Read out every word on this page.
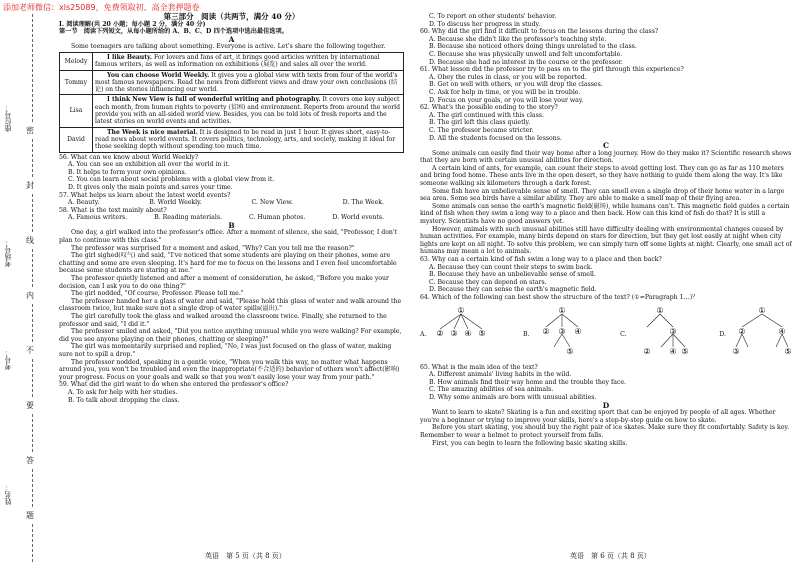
添加老师微信：xls25089，免费领取初、高全套押题卷
密
封
线
内
不
要
答
题
姓名：
考号：
考场号：
座位号：

第三部分　阅读（共两节，满分 40 分）

Ⅰ. 阅读理解(共 20 小题；每小题 2 分，满分 40 分)

第一节　阅读下列短文，从每小题所给的 A、B、C、D 四个选项中选出最佳选项。

A

Some teenagers are talking about something. Everyone is active. Let's share the following together.

Melody	I like Beauty. For lovers and fans of art, it brings good articles written by international famous writers, as well as information on exhibitions (展览) and sales all over the world.
Tommy	You can choose World Weekly. It gives you a global view with texts from four of the world's most famous newspapers. Read the news from different views and draw your own conclusions (结论) on the stories influencing our world.
Lisa	I think New View is full of wonderful writing and photography. It covers one key subject each month, from human rights to poverty (贫困) and environment. Reports from around the world provide you with an all-sided world view. Besides, you can be told lots of fresh reports and the latest stories on world events and activities.
David	The Week is nice material. It is designed to be read in just 1 hour. It gives short, easy-to-read news about world events. It covers politics, technology, arts, and society, making it ideal for those seeking depth without spending too much time.

56. What can we know about World Weekly?

A. You can see an exhibition all over the world in it.

B. It helps to form your own opinions.

C. You can learn about social problems with a global view from it.

D. It gives only the main points and saves your time.

57. What helps us learn about the latest world events?

A. Beauty.	B. World Weekly.	C. New View.	D. The Week.

58. What is the text mainly about?

A. Famous writers.	B. Reading materials.	C. Human photos.	D. World events.

B

One day, a girl walked into the professor's office. After a moment of silence, she said, "Professor, I don't plan to continue with this class."

The professor was surprised for a moment and asked, "Why? Can you tell me the reason?"

The girl sighed(叹气) and said, "I've noticed that some students are playing on their phones, some are chatting and some are even sleeping. It's hard for me to focus on the lessons and I even feel uncomfortable because some students are staring at me."

The professor quietly listened and after a moment of consideration, he asked, "Before you make your decision, can I ask you to do one thing?"

The girl nodded, "Of course, Professor. Please tell me."

The professor handed her a glass of water and said, "Please hold this glass of water and walk around the classroom twice, but make sure not a single drop of water spills(溢出)."

The girl carefully took the glass and walked around the classroom twice. Finally, she returned to the professor and said, "I did it."

The professor smiled and asked, "Did you notice anything unusual while you were walking? For example, did you see anyone playing on their phones, chatting or sleeping?"

The girl was momentarily surprised and replied, "No, I was just focused on the glass of water, making sure not to spill a drop."

The professor nodded, speaking in a gentle voice, "When you walk this way, no matter what happens around you, you won't be troubled and even the inappropriate(不合适的) behavior of others won't affect(影响) your progress. Focus on your goals and walk so that you won't easily lose your way from your path."

59. What did the girl want to do when she entered the professor's office?

A. To ask for help with her studies.

B. To talk about dropping the class.

英语　第 5 页（共 8 页）

C. To report on other students' behavior.

D. To discuss her progress in study.

60. Why did the girl find it difficult to focus on the lessons during the class?

A. Because she didn't like the professor's teaching style.

B. Because she noticed others doing things unrelated to the class.

C. Because she was physically unwell and felt uncomfortable.

D. Because she had no interest in the course or the professor.

61. What lesson did the professor try to pass on to the girl through this experience?

A. Obey the rules in class, or you will be reported.

B. Get on well with others, or you will drop the classes.

C. Ask for help in time, or you will be in trouble.

D. Focus on your goals, or you will lose your way.

62. What's the possible ending to the story?

A. The girl continued with this class.

B. The girl left this class quietly.

C. The professor became stricter.

D. All the students focused on the lessons.

C

Some animals can easily find their way home after a long journey. How do they make it? Scientific research shows that they are born with certain unusual abilities for direction.

A certain kind of ants, for example, can count their steps to avoid getting lost. They can go as far as 110 meters and bring food home. These ants live in the open desert, so they have nothing to guide them along the way. It's like someone walking six kilometers through a dark forest.

Some fish have an unbelievable sense of smell. They can smell even a single drop of their home water in a large sea area. Some sea birds have a similar ability. They are able to make a smell map of their flying area.

Some animals can sense the earth's magnetic field(磁场), while humans can't. This magnetic field guides a certain kind of fish when they swim a long way to a place and then back. How can this kind of fish do that? It is still a mystery. Scientists have no good answers yet.

However, animals with such unusual abilities still have difficulty dealing with environmental changes caused by human activities. For example, many birds depend on stars for direction, but they get lost easily at night when city lights are kept on all night. To solve this problem, we can simply turn off some lights at night. Clearly, one small act of humans may mean a lot to animals.

63. Why can a certain kind of fish swim a long way to a place and then back?

A. Because they can count their steps to swim back.

B. Because they have an unbelievable sense of smell.

C. Because they can depend on stars.

D. Because they can sense the earth's magnetic field.

64. Which of the following can best show the structure of the text? (①=Paragraph 1…)？

A.
①
② ③ ④ ⑤	B.
①
② ③ ④
⑤
C.
①
②
③
④ ⑤
D.
①
②
③
④
⑤

65. What is the main idea of the text?

A. Different animals' living habits in the wild.

B. How animals find their way home and the trouble they face.

C. The amazing abilities of sea animals.

D. Why some animals are born with unusual abilities.

D

Want to learn to skate? Skating is a fun and exciting sport that can be enjoyed by people of all ages. Whether you're a beginner or trying to improve your skills, here's a step-by-step guide on how to skate.

Before you start skating, you should buy the right pair of ice skates. Make sure they fit comfortably. Safety is key. Remember to wear a helmet to protect yourself from falls.

First, you can begin to learn the following basic skating skills.

英语　第 6 页（共 8 页）
